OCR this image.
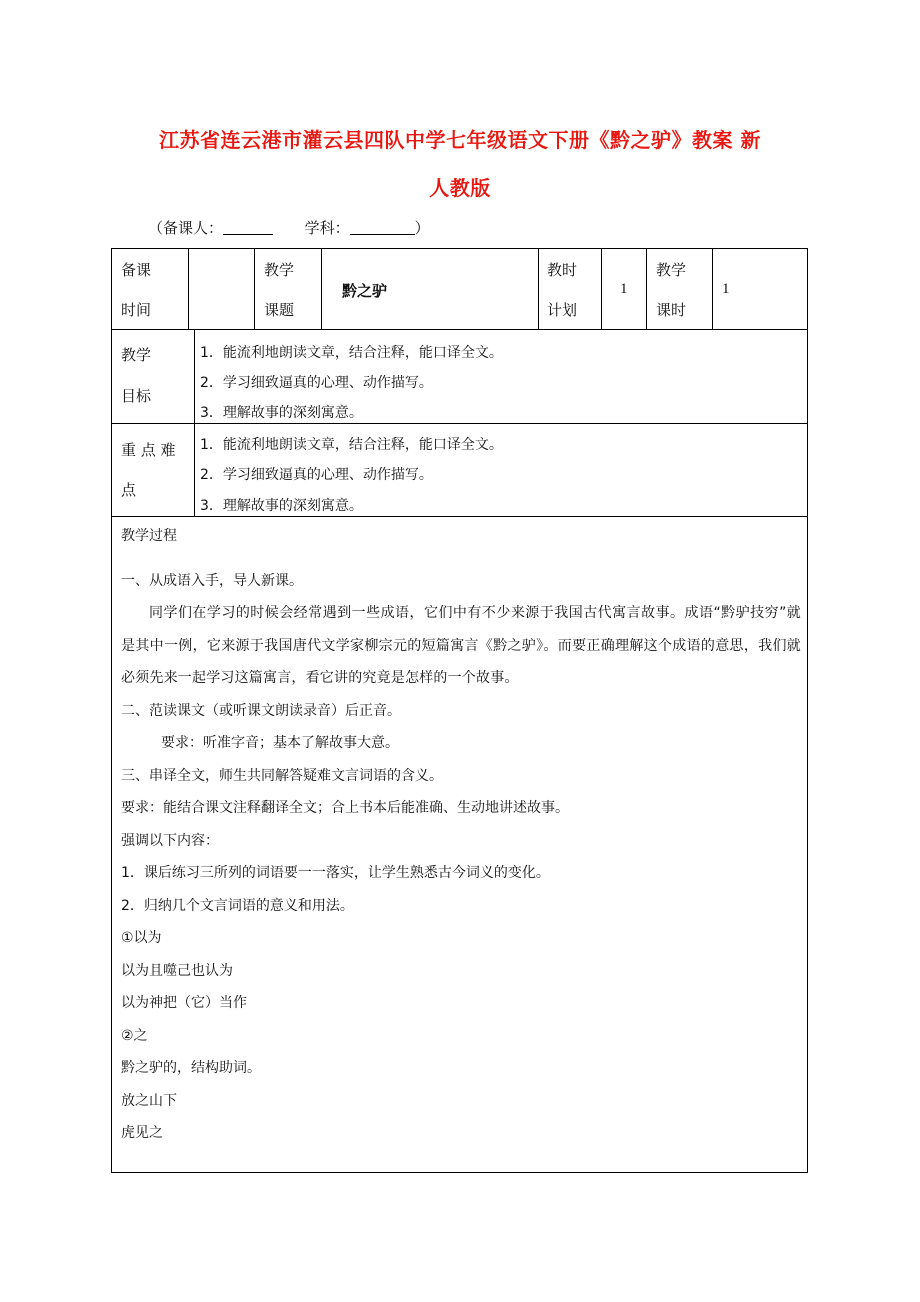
江苏省连云港市灌云县四队中学七年级语文下册《黔之驴》教案 新
人教版
（备课人：	学科：	）
备课
时间
教学
课题
黔之驴
教时
计划
1
教学
课时
1
教学
目标
1．能流利地朗读文章，结合注释，能口译全文。
2．学习细致逼真的心理、动作描写。
3．理解故事的深刻寓意。
重 点 难
点
1．能流利地朗读文章，结合注释，能口译全文。
2．学习细致逼真的心理、动作描写。
3．理解故事的深刻寓意。
教学过程
一、从成语入手，导人新课。
同学们在学习的时候会经常遇到一些成语，它们中有不少来源于我国古代寓言故事。成语“黔驴技穷”就是其中一例，它来源于我国唐代文学家柳宗元的短篇寓言《黔之驴》。而要正确理解这个成语的意思，我们就必须先来一起学习这篇寓言，看它讲的究竟是怎样的一个故事。
二、范读课文（或听课文朗读录音）后正音。
要求：听准字音；基本了解故事大意。
三、串译全文，师生共同解答疑难文言词语的含义。
要求：能结合课文注释翻译全文；合上书本后能准确、生动地讲述故事。
强调以下内容：
1．课后练习三所列的词语要一一落实，让学生熟悉古今词义的变化。
2．归纳几个文言词语的意义和用法。
①以为
以为且噬己也认为
以为神把（它）当作
②之
黔之驴的，结构助词。
放之山下
虎见之
